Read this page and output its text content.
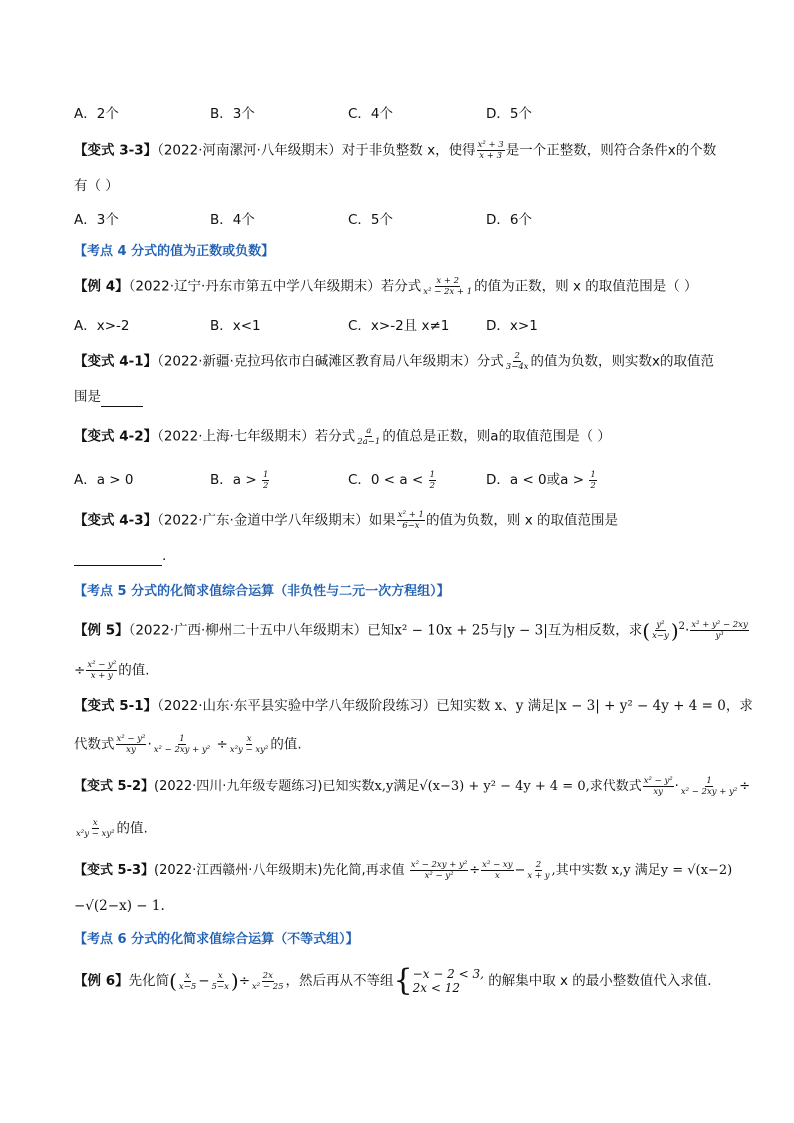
A．2个	B．3个	C．4个	D．5个
【变式 3-3】（2022·河南漯河·八年级期末）对于非负整数 x，使得 $\frac{\text{x² + 3}}{x + 3}$ 是一个正整数，则符合条件x的个数
有（ ）
A．3个	B．4个	C．5个	D．6个
【考点 4 分式的值为正数或负数】
【例 4】（2022·辽宁·丹东市第五中学八年级期末）若分式 $\frac{x + 2}{\text{x² − 2x + 1}}$ 的值为正数，则 x 的取值范围是（ ）
A．x>-2	B．x<1	C．x>-2且 x≠1	D．x>1
【变式 4-1】（2022·新疆·克拉玛依市白碱滩区教育局八年级期末）分式 $\frac{2}{3-4x}$ 的值为负数，则实数x的取值范
围是
【变式 4-2】（2022·上海·七年级期末）若分式 $\frac{a}{2a-1}$ 的值总是正数，则a的取值范围是（ ）
A．a > 0	B．$a > \frac{1}{2}$	C．$0 < a < \frac{1}{2}$	D．a < 0或$a > \frac{1}{2}$
【变式 4-3】（2022·广东·金道中学八年级期末）如果 $\frac{\text{x² + 1}}{6-x}$ 的值为负数，则 x 的取值范围是
.
【考点 5 分式的化简求值综合运算（非负性与二元一次方程组）】
【例 5】（2022·广西·柳州二十五中八年级期末）已知x² − 10x + 25与|y − 3|互为相反数，求( $\frac{\text{y²}}{x-y} )^2\cdot \frac{\text{x² + y² − 2xy}}{\text{y³}}$
÷ $\frac{\text{x² − y²}}{x + y}$ 的值.
【变式 5-1】（2022·山东·东平县实验中学八年级阶段练习）已知实数 x、y 满足|x − 3| + y² − 4y + 4 = 0，求
代数式 $\frac{\text{x² − y²}}{xy} \cdot \frac{1}{\text{x² − 2xy + y²}} \div \frac{x}{\text{x²y − xy²}}$ 的值.
【变式 5-2】(2022·四川·九年级专题练习)已知实数x,y满足√(x−3) + y² − 4y + 4 = 0,求代数式 $\frac{\text{x² − y²}}{xy} \cdot \frac{1}{\text{x² − 2xy + y²}}$ ÷
$\frac{x}{\text{x²y − xy²}}$ 的值.
【变式 5-3】(2022·江西赣州·八年级期末)先化简,再求值 $\frac{\text{x² − 2xy + y²}}{\text{x² − y²}} \div \frac{\text{x² − xy}}{x} - \frac{2}{x + y}$ ,其中实数 x,y 满足y = √(x−2)
−√(2−x) − 1.
【考点 6 分式的化简求值综合运算（不等式组）】
【例 6】先化简( $\frac{x}{x-5} - \frac{x}{5-x}$ )÷ $\frac{2x}{\text{x² − 25}}$ ，然后再从不等组 { −x − 2 < 3,
2x < 12	的解集中取 x 的最小整数值代入求值.
